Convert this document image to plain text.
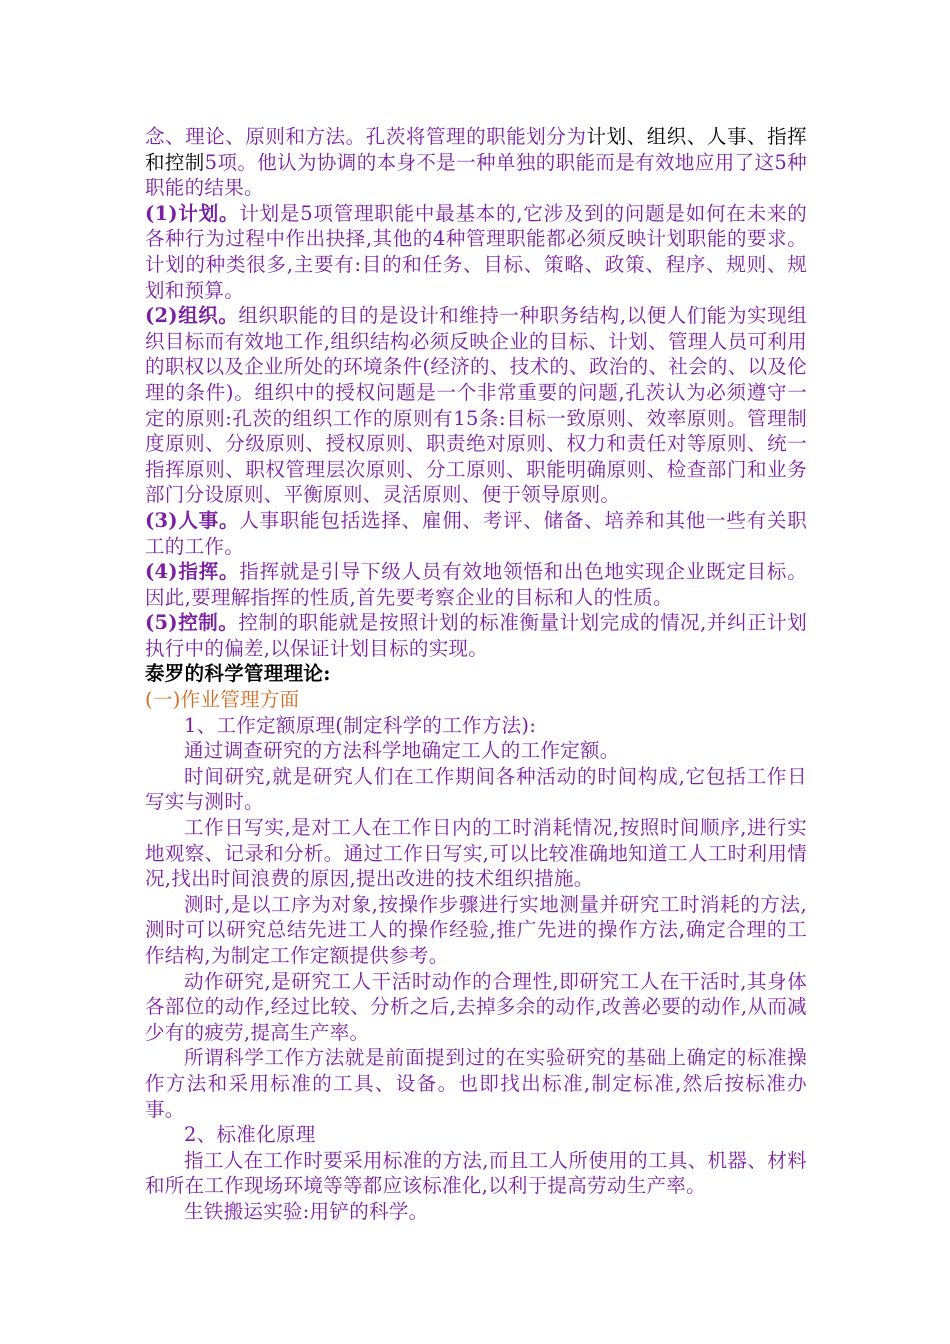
念、理论、原则和方法。孔茨将管理的职能划分为计划、组织、人事、指挥和控制5项。他认为协调的本身不是一种单独的职能而是有效地应用了这5种职能的结果。

(1)计划。计划是5项管理职能中最基本的,它涉及到的问题是如何在未来的各种行为过程中作出抉择,其他的4种管理职能都必须反映计划职能的要求。计划的种类很多,主要有:目的和任务、目标、策略、政策、程序、规则、规划和预算。

(2)组织。组织职能的目的是设计和维持一种职务结构,以便人们能为实现组织目标而有效地工作,组织结构必须反映企业的目标、计划、管理人员可利用的职权以及企业所处的环境条件(经济的、技术的、政治的、社会的、以及伦理的条件)。组织中的授权问题是一个非常重要的问题,孔茨认为必须遵守一定的原则:孔茨的组织工作的原则有15条:目标一致原则、效率原则。管理制度原则、分级原则、授权原则、职责绝对原则、权力和责任对等原则、统一指挥原则、职权管理层次原则、分工原则、职能明确原则、检查部门和业务部门分设原则、平衡原则、灵活原则、便于领导原则。

(3)人事。人事职能包括选择、雇佣、考评、储备、培养和其他一些有关职工的工作。

(4)指挥。指挥就是引导下级人员有效地领悟和出色地实现企业既定目标。因此,要理解指挥的性质,首先要考察企业的目标和人的性质。

(5)控制。控制的职能就是按照计划的标准衡量计划完成的情况,并纠正计划执行中的偏差,以保证计划目标的实现。

泰罗的科学管理理论:

(一)作业管理方面

1、工作定额原理(制定科学的工作方法):

通过调查研究的方法科学地确定工人的工作定额。

时间研究,就是研究人们在工作期间各种活动的时间构成,它包括工作日写实与测时。

工作日写实,是对工人在工作日内的工时消耗情况,按照时间顺序,进行实地观察、记录和分析。通过工作日写实,可以比较准确地知道工人工时利用情况,找出时间浪费的原因,提出改进的技术组织措施。

测时,是以工序为对象,按操作步骤进行实地测量并研究工时消耗的方法,测时可以研究总结先进工人的操作经验,推广先进的操作方法,确定合理的工作结构,为制定工作定额提供参考。

动作研究,是研究工人干活时动作的合理性,即研究工人在干活时,其身体各部位的动作,经过比较、分析之后,去掉多余的动作,改善必要的动作,从而减少有的疲劳,提高生产率。

所谓科学工作方法就是前面提到过的在实验研究的基础上确定的标准操作方法和采用标准的工具、设备。也即找出标准,制定标准,然后按标准办事。

2、标准化原理

指工人在工作时要采用标准的方法,而且工人所使用的工具、机器、材料和所在工作现场环境等等都应该标准化,以利于提高劳动生产率。

生铁搬运实验:用铲的科学。
